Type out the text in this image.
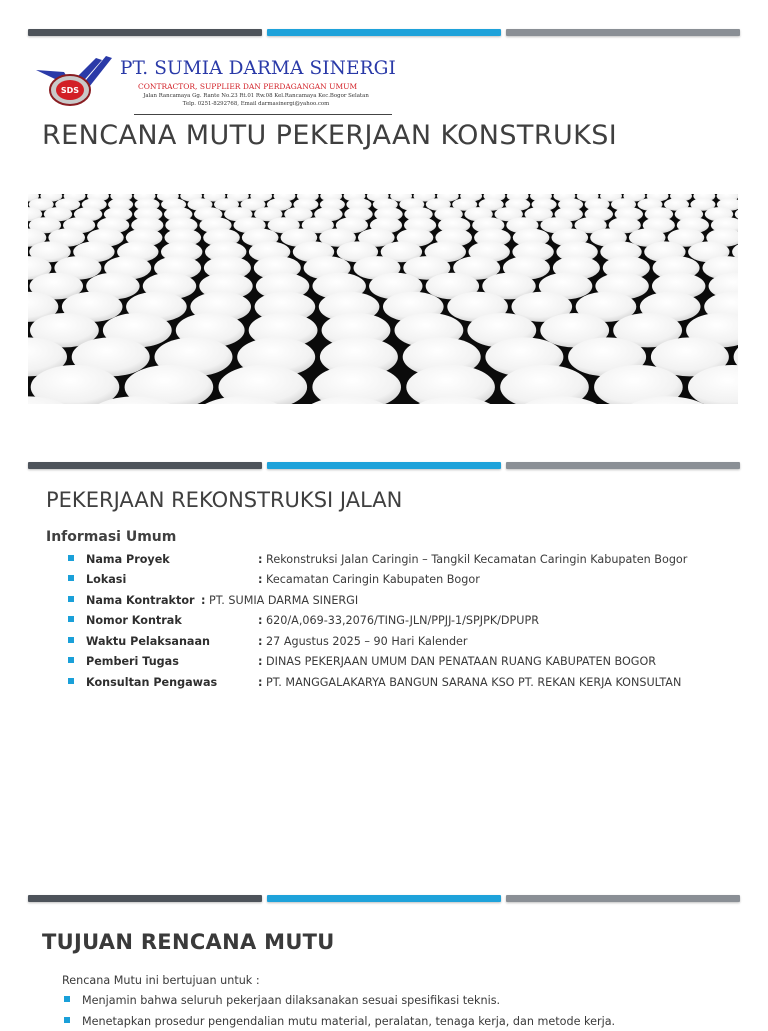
SDS
PT. SUMIA DARMA SINERGI
CONTRACTOR, SUPPLIER DAN PERDAGANGAN UMUM
Jalan Rancamaya Gg. Rante No.23 Rt.01 Rw.08 Kel.Rancamaya Kec.Bogor Selatan
Telp. 0251-8292768, Email darmasinergi@yahoo.com
RENCANA MUTU PEKERJAAN KONSTRUKSI
PEKERJAAN REKONSTRUKSI JALAN
Informasi Umum
Nama Proyek	: Rekonstruksi Jalan Caringin – Tangkil Kecamatan Caringin Kabupaten Bogor
Lokasi	: Kecamatan Caringin Kabupaten Bogor
Nama Kontraktor : PT. SUMIA DARMA SINERGI
Nomor Kontrak	: 620/A,069-33,2076/TING-JLN/PPJJ-1/SPJPK/DPUPR
Waktu Pelaksanaan	: 27 Agustus 2025 – 90 Hari Kalender
Pemberi Tugas	: DINAS PEKERJAAN UMUM DAN PENATAAN RUANG KABUPATEN BOGOR
Konsultan Pengawas	: PT. MANGGALAKARYA BANGUN SARANA KSO PT. REKAN KERJA KONSULTAN
TUJUAN RENCANA MUTU
Rencana Mutu ini bertujuan untuk :
Menjamin bahwa seluruh pekerjaan dilaksanakan sesuai spesifikasi teknis.
Menetapkan prosedur pengendalian mutu material, peralatan, tenaga kerja, dan metode kerja.
